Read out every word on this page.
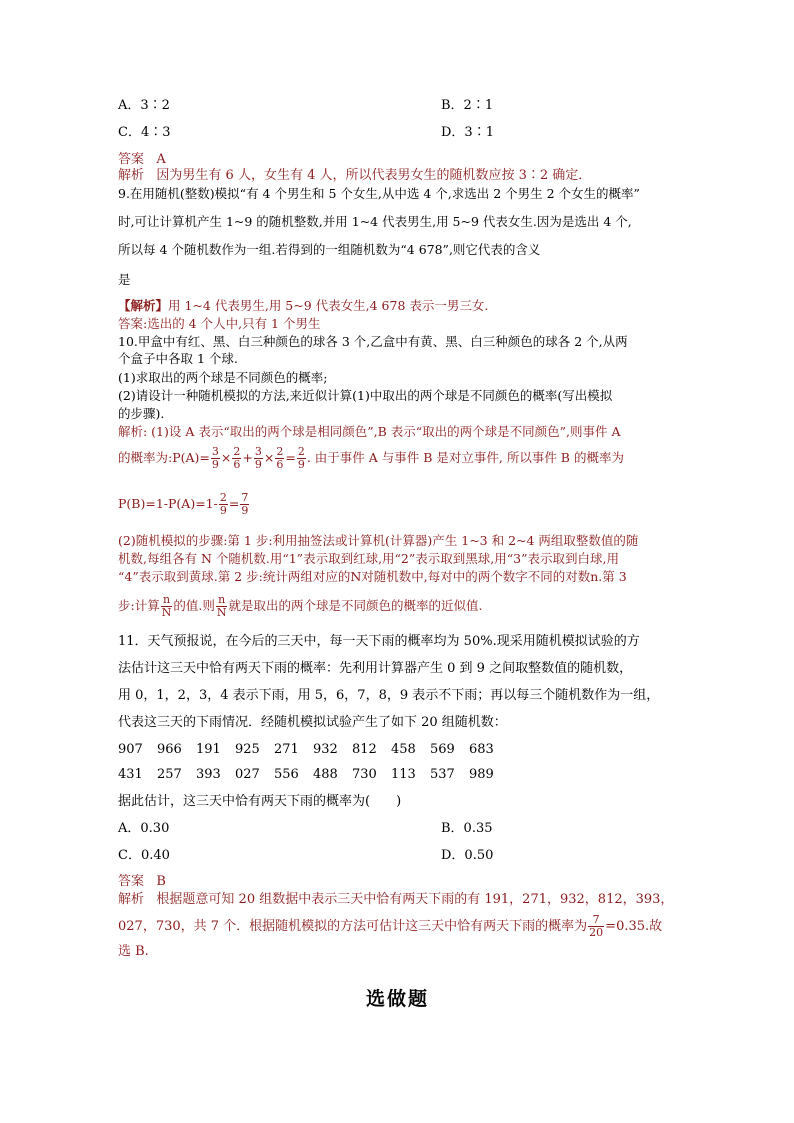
A．3∶2	B．2∶1
C．4∶3	D．3∶1
答案 A
解析 因为男生有 6 人，女生有 4 人，所以代表男女生的随机数应按 3∶2 确定．
9.在用随机(整数)模拟“有 4 个男生和 5 个女生,从中选 4 个,求选出 2 个男生 2 个女生的概率”
时,可让计算机产生 1~9 的随机整数,并用 1~4 代表男生,用 5~9 代表女生.因为是选出 4 个,
所以每 4 个随机数作为一组.若得到的一组随机数为“4 678”,则它代表的含义
是
【解析】用 1~4 代表男生,用 5~9 代表女生,4 678 表示一男三女.
答案:选出的 4 个人中,只有 1 个男生
10.甲盒中有红、黑、白三种颜色的球各 3 个,乙盒中有黄、黑、白三种颜色的球各 2 个,从两
个盒子中各取 1 个球.
(1)求取出的两个球是不同颜色的概率;
(2)请设计一种随机模拟的方法,来近似计算(1)中取出的两个球是不同颜色的概率(写出模拟
的步骤).
解析: (1)设 A 表示“取出的两个球是相同颜色”,B 表示“取出的两个球是不同颜色”,则事件 A
的概率为:P(A)= $\frac{3}{9} \times \frac{2}{6} + \frac{3}{9} \times \frac{2}{6} = \frac{2}{9}$ . 由于事件 A 与事件 B 是对立事件, 所以事件 B 的概率为
$P(B)=1-P(A)=1- \frac{2}{9} = \frac{7}{9}$
(2)随机模拟的步骤:第 1 步:利用抽签法或计算机(计算器)产生 1~3 和 2~4 两组取整数值的随
机数,每组各有 N 个随机数.用“1”表示取到红球,用“2”表示取到黑球,用“3”表示取到白球,用
“4”表示取到黄球.第 2 步:统计两组对应的N对随机数中,每对中的两个数字不同的对数n.第 3
步:计算 $\frac{n}{N}$ 的值.则 $\frac{n}{N}$ 就是取出的两个球是不同颜色的概率的近似值.
11．天气预报说，在今后的三天中，每一天下雨的概率均为 50%.现采用随机模拟试验的方
法估计这三天中恰有两天下雨的概率：先利用计算器产生 0 到 9 之间取整数值的随机数，
用 0，1，2，3，4 表示下雨，用 5，6，7，8，9 表示不下雨；再以每三个随机数作为一组，
代表这三天的下雨情况．经随机模拟试验产生了如下 20 组随机数：
907 966 191 925 271 932 812 458 569 683
431 257 393 027 556 488 730 113 537 989
据此估计，这三天中恰有两天下雨的概率为(　　)
A．0.30	B．0.35
C．0.40	D．0.50
答案 B
解析 根据题意可知 20 组数据中表示三天中恰有两天下雨的有 191，271，932，812，393，
027，730，共 7 个．根据随机模拟的方法可估计这三天中恰有两天下雨的概率为 $\frac{7}{20} =0.35$.故
选 B.
选做题
